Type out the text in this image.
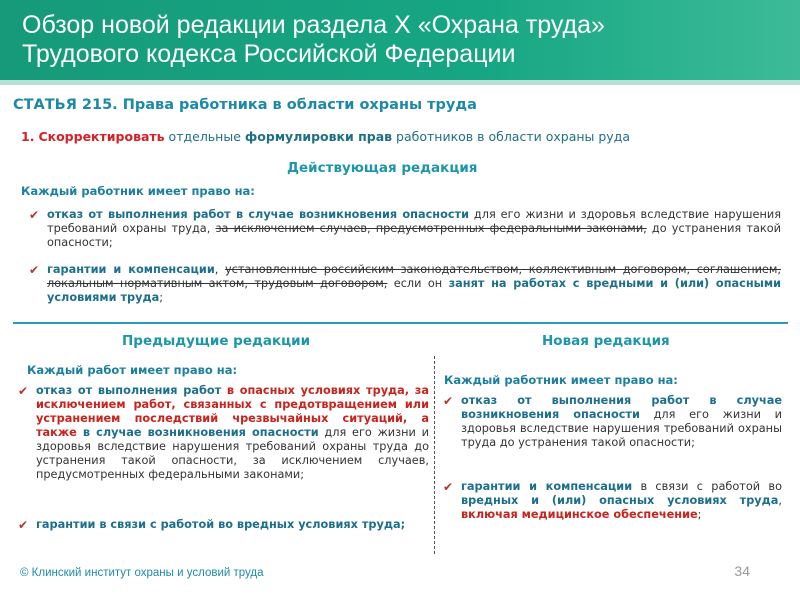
Обзор новой редакции раздела Х «Охрана труда»
Трудового кодекса Российской Федерации
СТАТЬЯ 215. Права работника в области охраны труда
1. Скорректировать отдельные формулировки прав работников в области охраны руда
Действующая редакция
Каждый работник имеет право на:
✔ отказ от выполнения работ в случае возникновения опасности для его жизни и здоровья вследствие нарушения требований охраны труда, за исключением случаев, предусмотренных федеральными законами, до устранения такой опасности;
✔ гарантии и компенсации, установленные российским законодательством, коллективным договором, соглашением, локальным нормативным актом, трудовым договором, если он занят на работах с вредными и (или) опасными условиями труда;
Предыдущие редакции
Каждый работ имеет право на:
✔ отказ от выполнения работ в опасных условиях труда, за исключением работ, связанных с предотвращением или устранением последствий чрезвычайных ситуаций, а также в случае возникновения опасности для его жизни и здоровья вследствие нарушения требований охраны труда до устранения такой опасности, за исключением случаев, предусмотренных федеральными законами;
✔ гарантии в связи с работой во вредных условиях труда;
Новая редакция
Каждый работник имеет право на:
✔ отказ от выполнения работ в случае возникновения опасности для его жизни и здоровья вследствие нарушения требований охраны труда до устранения такой опасности;
✔ гарантии и компенсации в связи с работой во вредных и (или) опасных условиях труда, включая медицинское обеспечение;
© Клинский институт охраны и условий труда	34
